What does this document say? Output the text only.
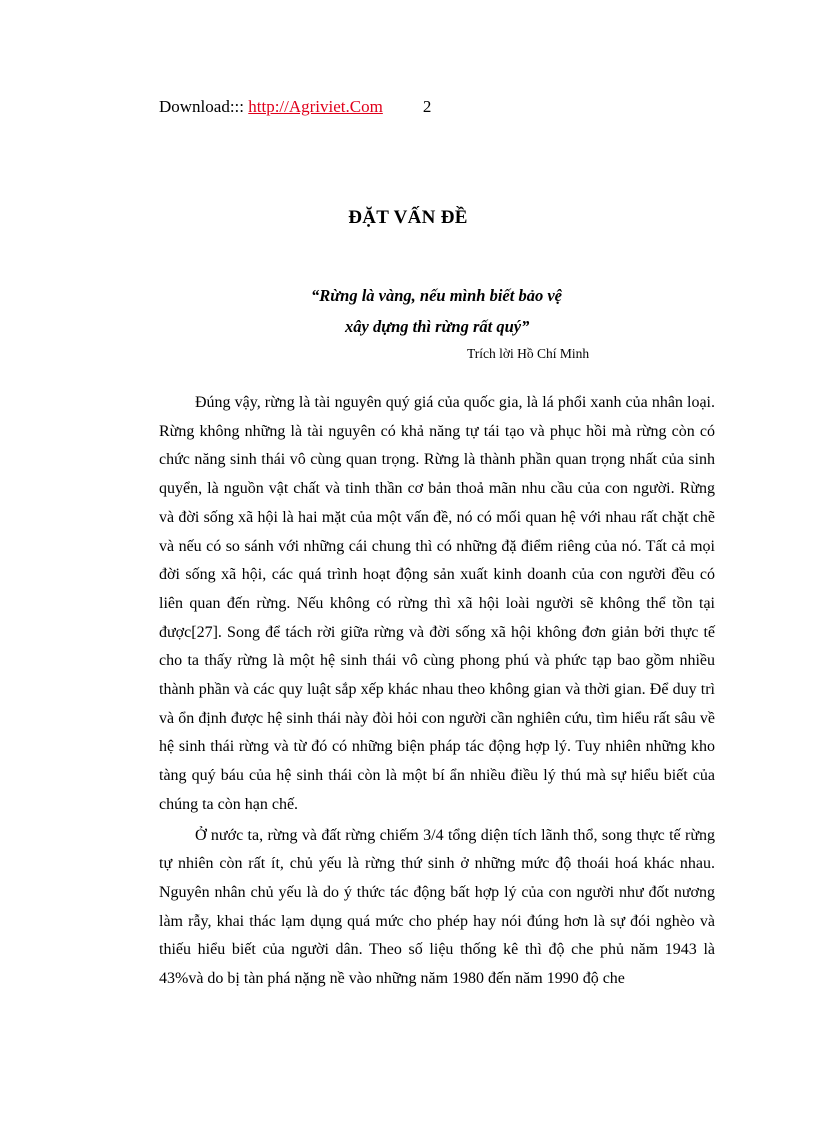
Download::: http://Agriviet.Com 2
ĐẶT VẤN ĐỀ
“Rừng là vàng, nếu mình biết bảo vệ
xây dựng thì rừng rất quý”
Trích lời Hồ Chí Minh

Đúng vậy, rừng là tài nguyên quý giá của quốc gia, là lá phổi xanh của nhân loại. Rừng không những là tài nguyên có khả năng tự tái tạo và phục hồi mà rừng còn có chức năng sinh thái vô cùng quan trọng. Rừng là thành phần quan trọng nhất của sinh quyển, là nguồn vật chất và tinh thần cơ bản thoả mãn nhu cầu của con người. Rừng và đời sống xã hội là hai mặt của một vấn đề, nó có mối quan hệ với nhau rất chặt chẽ và nếu có so sánh với những cái chung thì có những đặ điểm riêng của nó. Tất cả mọi đời sống xã hội, các quá trình hoạt động sản xuất kinh doanh của con người đều có liên quan đến rừng. Nếu không có rừng thì xã hội loài người sẽ không thể tồn tại được[27]. Song để tách rời giữa rừng và đời sống xã hội không đơn giản bởi thực tế cho ta thấy rừng là một hệ sinh thái vô cùng phong phú và phức tạp bao gồm nhiều thành phần và các quy luật sắp xếp khác nhau theo không gian và thời gian. Để duy trì và ổn định được hệ sinh thái này đòi hỏi con người cần nghiên cứu, tìm hiểu rất sâu về hệ sinh thái rừng và từ đó có những biện pháp tác động hợp lý. Tuy nhiên những kho tàng quý báu của hệ sinh thái còn là một bí ẩn nhiều điều lý thú mà sự hiểu biết của chúng ta còn hạn chế.

Ở nước ta, rừng và đất rừng chiếm 3/4 tổng diện tích lãnh thổ, song thực tế rừng tự nhiên còn rất ít, chủ yếu là rừng thứ sinh ở những mức độ thoái hoá khác nhau. Nguyên nhân chủ yếu là do ý thức tác động bất hợp lý của con người như đốt nương làm rẫy, khai thác lạm dụng quá mức cho phép hay nói đúng hơn là sự đói nghèo và thiếu hiểu biết của người dân. Theo số liệu thống kê thì độ che phủ năm 1943 là 43%và do bị tàn phá nặng nề vào những năm 1980 đến năm 1990 độ che
